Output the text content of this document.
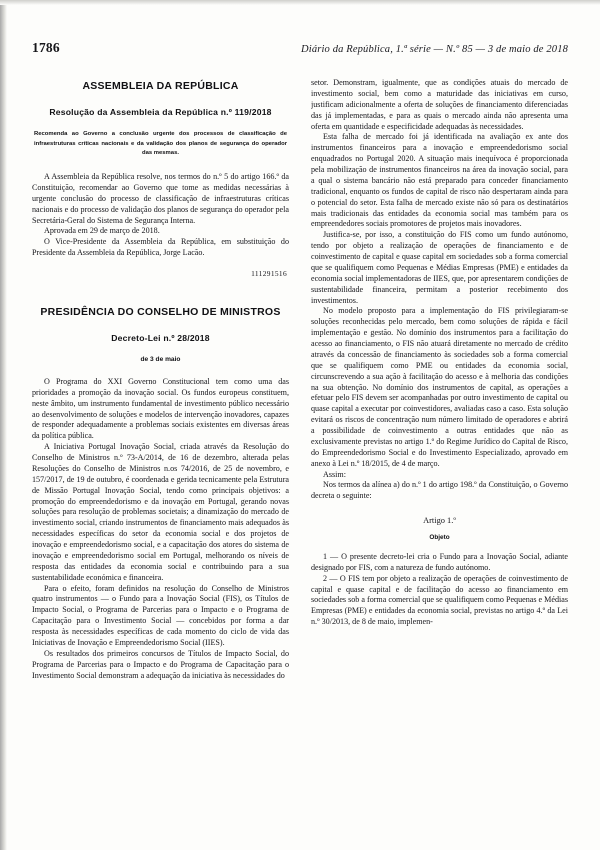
1786	Diário da República, 1.ª série — N.º 85 — 3 de maio de 2018
ASSEMBLEIA DA REPÚBLICA
Resolução da Assembleia da República n.º 119/2018
Recomenda ao Governo a conclusão urgente dos processos de classificação de infraestruturas críticas nacionais e da validação dos planos de segurança do operador das mesmas.

A Assembleia da República resolve, nos termos do n.º 5 do artigo 166.º da Constituição, recomendar ao Governo que tome as medidas necessárias à urgente conclusão do processo de classificação de infraestruturas críticas nacionais e do processo de validação dos planos de segurança do operador pela Secretária-Geral do Sistema de Segurança Interna.

Aprovada em 29 de março de 2018.

O Vice-Presidente da Assembleia da República, em substituição do Presidente da Assembleia da República, Jorge Lacão.

111291516
PRESIDÊNCIA DO CONSELHO DE MINISTROS
Decreto-Lei n.º 28/2018
de 3 de maio

O Programa do XXI Governo Constitucional tem como uma das prioridades a promoção da inovação social. Os fundos europeus constituem, neste âmbito, um instrumento fundamental de investimento público necessário ao desenvolvimento de soluções e modelos de intervenção inovadores, capazes de responder adequadamente a problemas sociais existentes em diversas áreas da política pública.

A Iniciativa Portugal Inovação Social, criada através da Resolução do Conselho de Ministros n.º 73-A/2014, de 16 de dezembro, alterada pelas Resoluções do Conselho de Ministros n.os 74/2016, de 25 de novembro, e 157/2017, de 19 de outubro, é coordenada e gerida tecnicamente pela Estrutura de Missão Portugal Inovação Social, tendo como principais objetivos: a promoção do empreendedorismo e da inovação em Portugal, gerando novas soluções para resolução de problemas societais; a dinamização do mercado de investimento social, criando instrumentos de financiamento mais adequados às necessidades específicas do setor da economia social e dos projetos de inovação e empreendedorismo social, e a capacitação dos atores do sistema de inovação e empreendedorismo social em Portugal, melhorando os níveis de resposta das entidades da economia social e contribuindo para a sua sustentabilidade económica e financeira.

Para o efeito, foram definidos na resolução do Conselho de Ministros quatro instrumentos — o Fundo para a Inovação Social (FIS), os Títulos de Impacto Social, o Programa de Parcerias para o Impacto e o Programa de Capacitação para o Investimento Social — concebidos por forma a dar resposta às necessidades específicas de cada momento do ciclo de vida das Iniciativas de Inovação e Empreendedorismo Social (IIES).

Os resultados dos primeiros concursos de Títulos de Impacto Social, do Programa de Parcerias para o Impacto e do Programa de Capacitação para o Investimento Social demonstram a adequação da iniciativa às necessidades do

setor. Demonstram, igualmente, que as condições atuais do mercado de investimento social, bem como a maturidade das iniciativas em curso, justificam adicionalmente a oferta de soluções de financiamento diferenciadas das já implementadas, e para as quais o mercado ainda não apresenta uma oferta em quantidade e especificidade adequadas às necessidades.

Esta falha de mercado foi já identificada na avaliação ex ante dos instrumentos financeiros para a inovação e empreendedorismo social enquadrados no Portugal 2020. A situação mais inequívoca é proporcionada pela mobilização de instrumentos financeiros na área da inovação social, para a qual o sistema bancário não está preparado para conceder financiamento tradicional, enquanto os fundos de capital de risco não despertaram ainda para o potencial do setor. Esta falha de mercado existe não só para os destinatários mais tradicionais das entidades da economia social mas também para os empreendedores sociais promotores de projetos mais inovadores.

Justifica-se, por isso, a constituição do FIS como um fundo autónomo, tendo por objeto a realização de operações de financiamento e de coinvestimento de capital e quase capital em sociedades sob a forma comercial que se qualifiquem como Pequenas e Médias Empresas (PME) e entidades da economia social implementadoras de IIES, que, por apresentarem condições de sustentabilidade financeira, permitam a posterior recebimento dos investimentos.

No modelo proposto para a implementação do FIS privilegiaram-se soluções reconhecidas pelo mercado, bem como soluções de rápida e fácil implementação e gestão. No domínio dos instrumentos para a facilitação do acesso ao financiamento, o FIS não atuará diretamente no mercado de crédito através da concessão de financiamento às sociedades sob a forma comercial que se qualifiquem como PME ou entidades da economia social, circunscrevendo a sua ação à facilitação do acesso e à melhoria das condições na sua obtenção. No domínio dos instrumentos de capital, as operações a efetuar pelo FIS devem ser acompanhadas por outro investimento de capital ou quase capital a executar por coinvestidores, avaliadas caso a caso. Esta solução evitará os riscos de concentração num número limitado de operadores e abrirá a possibilidade de coinvestimento a outras entidades que não as exclusivamente previstas no artigo 1.º do Regime Jurídico do Capital de Risco, do Empreendedorismo Social e do Investimento Especializado, aprovado em anexo à Lei n.º 18/2015, de 4 de março.

Assim:

Nos termos da alínea a) do n.º 1 do artigo 198.º da Constituição, o Governo decreta o seguinte:

Artigo 1.º
Objeto

1 — O presente decreto-lei cria o Fundo para a Inovação Social, adiante designado por FIS, com a natureza de fundo autónomo.

2 — O FIS tem por objeto a realização de operações de coinvestimento de capital e quase capital e de facilitação do acesso ao financiamento em sociedades sob a forma comercial que se qualifiquem como Pequenas e Médias Empresas (PME) e entidades da economia social, previstas no artigo 4.º da Lei n.º 30/2013, de 8 de maio, implemen-
